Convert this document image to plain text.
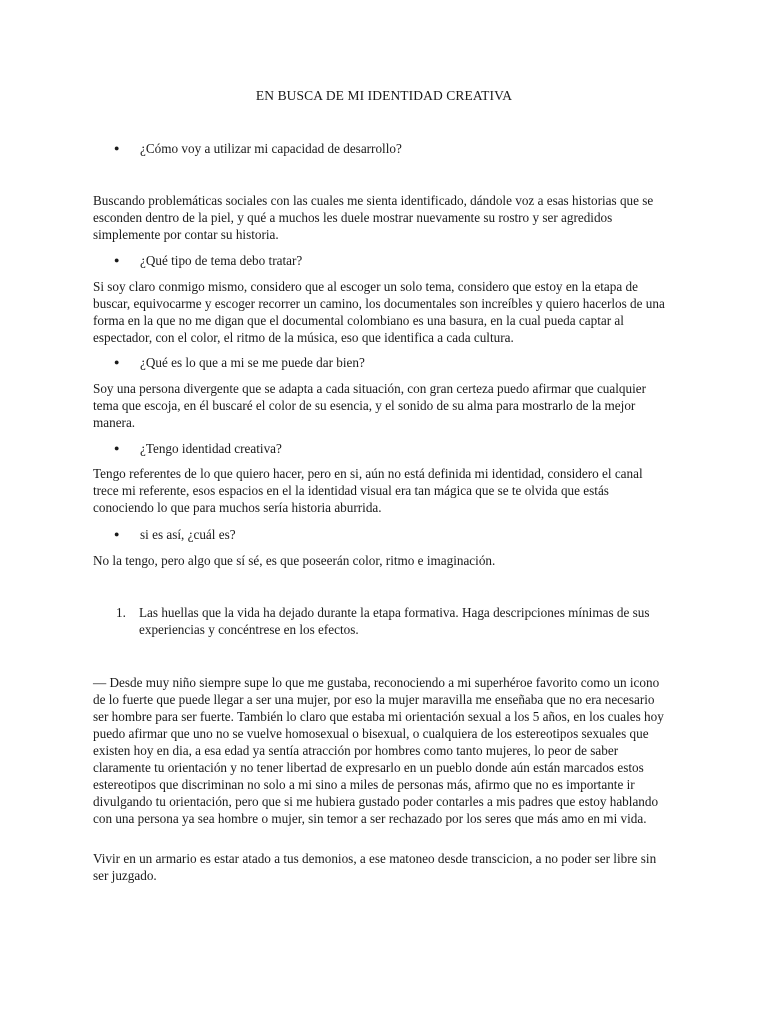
EN BUSCA DE MI IDENTIDAD CREATIVA
● ¿Cómo voy a utilizar mi capacidad de desarrollo?
Buscando problemáticas sociales con las cuales me sienta identificado, dándole voz a esas historias que se esconden dentro de la piel, y qué a muchos les duele mostrar nuevamente su rostro y ser agredidos simplemente por contar su historia.
● ¿Qué tipo de tema debo tratar?
Si soy claro conmigo mismo, considero que al escoger un solo tema, considero que estoy en la etapa de buscar, equivocarme y escoger recorrer un camino, los documentales son increíbles y quiero hacerlos de una forma en la que no me digan que el documental colombiano es una basura, en la cual pueda captar al espectador, con el color, el ritmo de la música, eso que identifica a cada cultura.
● ¿Qué es lo que a mi se me puede dar bien?
Soy una persona divergente que se adapta a cada situación, con gran certeza puedo afirmar que cualquier tema que escoja, en él buscaré el color de su esencia, y el sonido de su alma para mostrarlo de la mejor manera.
● ¿Tengo identidad creativa?
Tengo referentes de lo que quiero hacer, pero en si, aún no está definida mi identidad, considero el canal trece mi referente, esos espacios en el la identidad visual era tan mágica que se te olvida que estás conociendo lo que para muchos sería historia aburrida.
● si es así, ¿cuál es?
No la tengo, pero algo que sí sé, es que poseerán color, ritmo e imaginación.
1. Las huellas que la vida ha dejado durante la etapa formativa. Haga descripciones mínimas de sus experiencias y concéntrese en los efectos.
— Desde muy niño siempre supe lo que me gustaba, reconociendo a mi superhéroe favorito como un icono de lo fuerte que puede llegar a ser una mujer, por eso la mujer maravilla me enseñaba que no era necesario ser hombre para ser fuerte. También lo claro que estaba mi orientación sexual a los 5 años, en los cuales hoy puedo afirmar que uno no se vuelve homosexual o bisexual, o cualquiera de los estereotipos sexuales que existen hoy en dia, a esa edad ya sentía atracción por hombres como tanto mujeres, lo peor de saber claramente tu orientación y no tener libertad de expresarlo en un pueblo donde aún están marcados estos estereotipos que discriminan no solo a mi sino a miles de personas más, afirmo que no es importante ir divulgando tu orientación, pero que si me hubiera gustado poder contarles a mis padres que estoy hablando con una persona ya sea hombre o mujer, sin temor a ser rechazado por los seres que más amo en mi vida.
Vivir en un armario es estar atado a tus demonios, a ese matoneo desde transcicion, a no poder ser libre sin ser juzgado.
